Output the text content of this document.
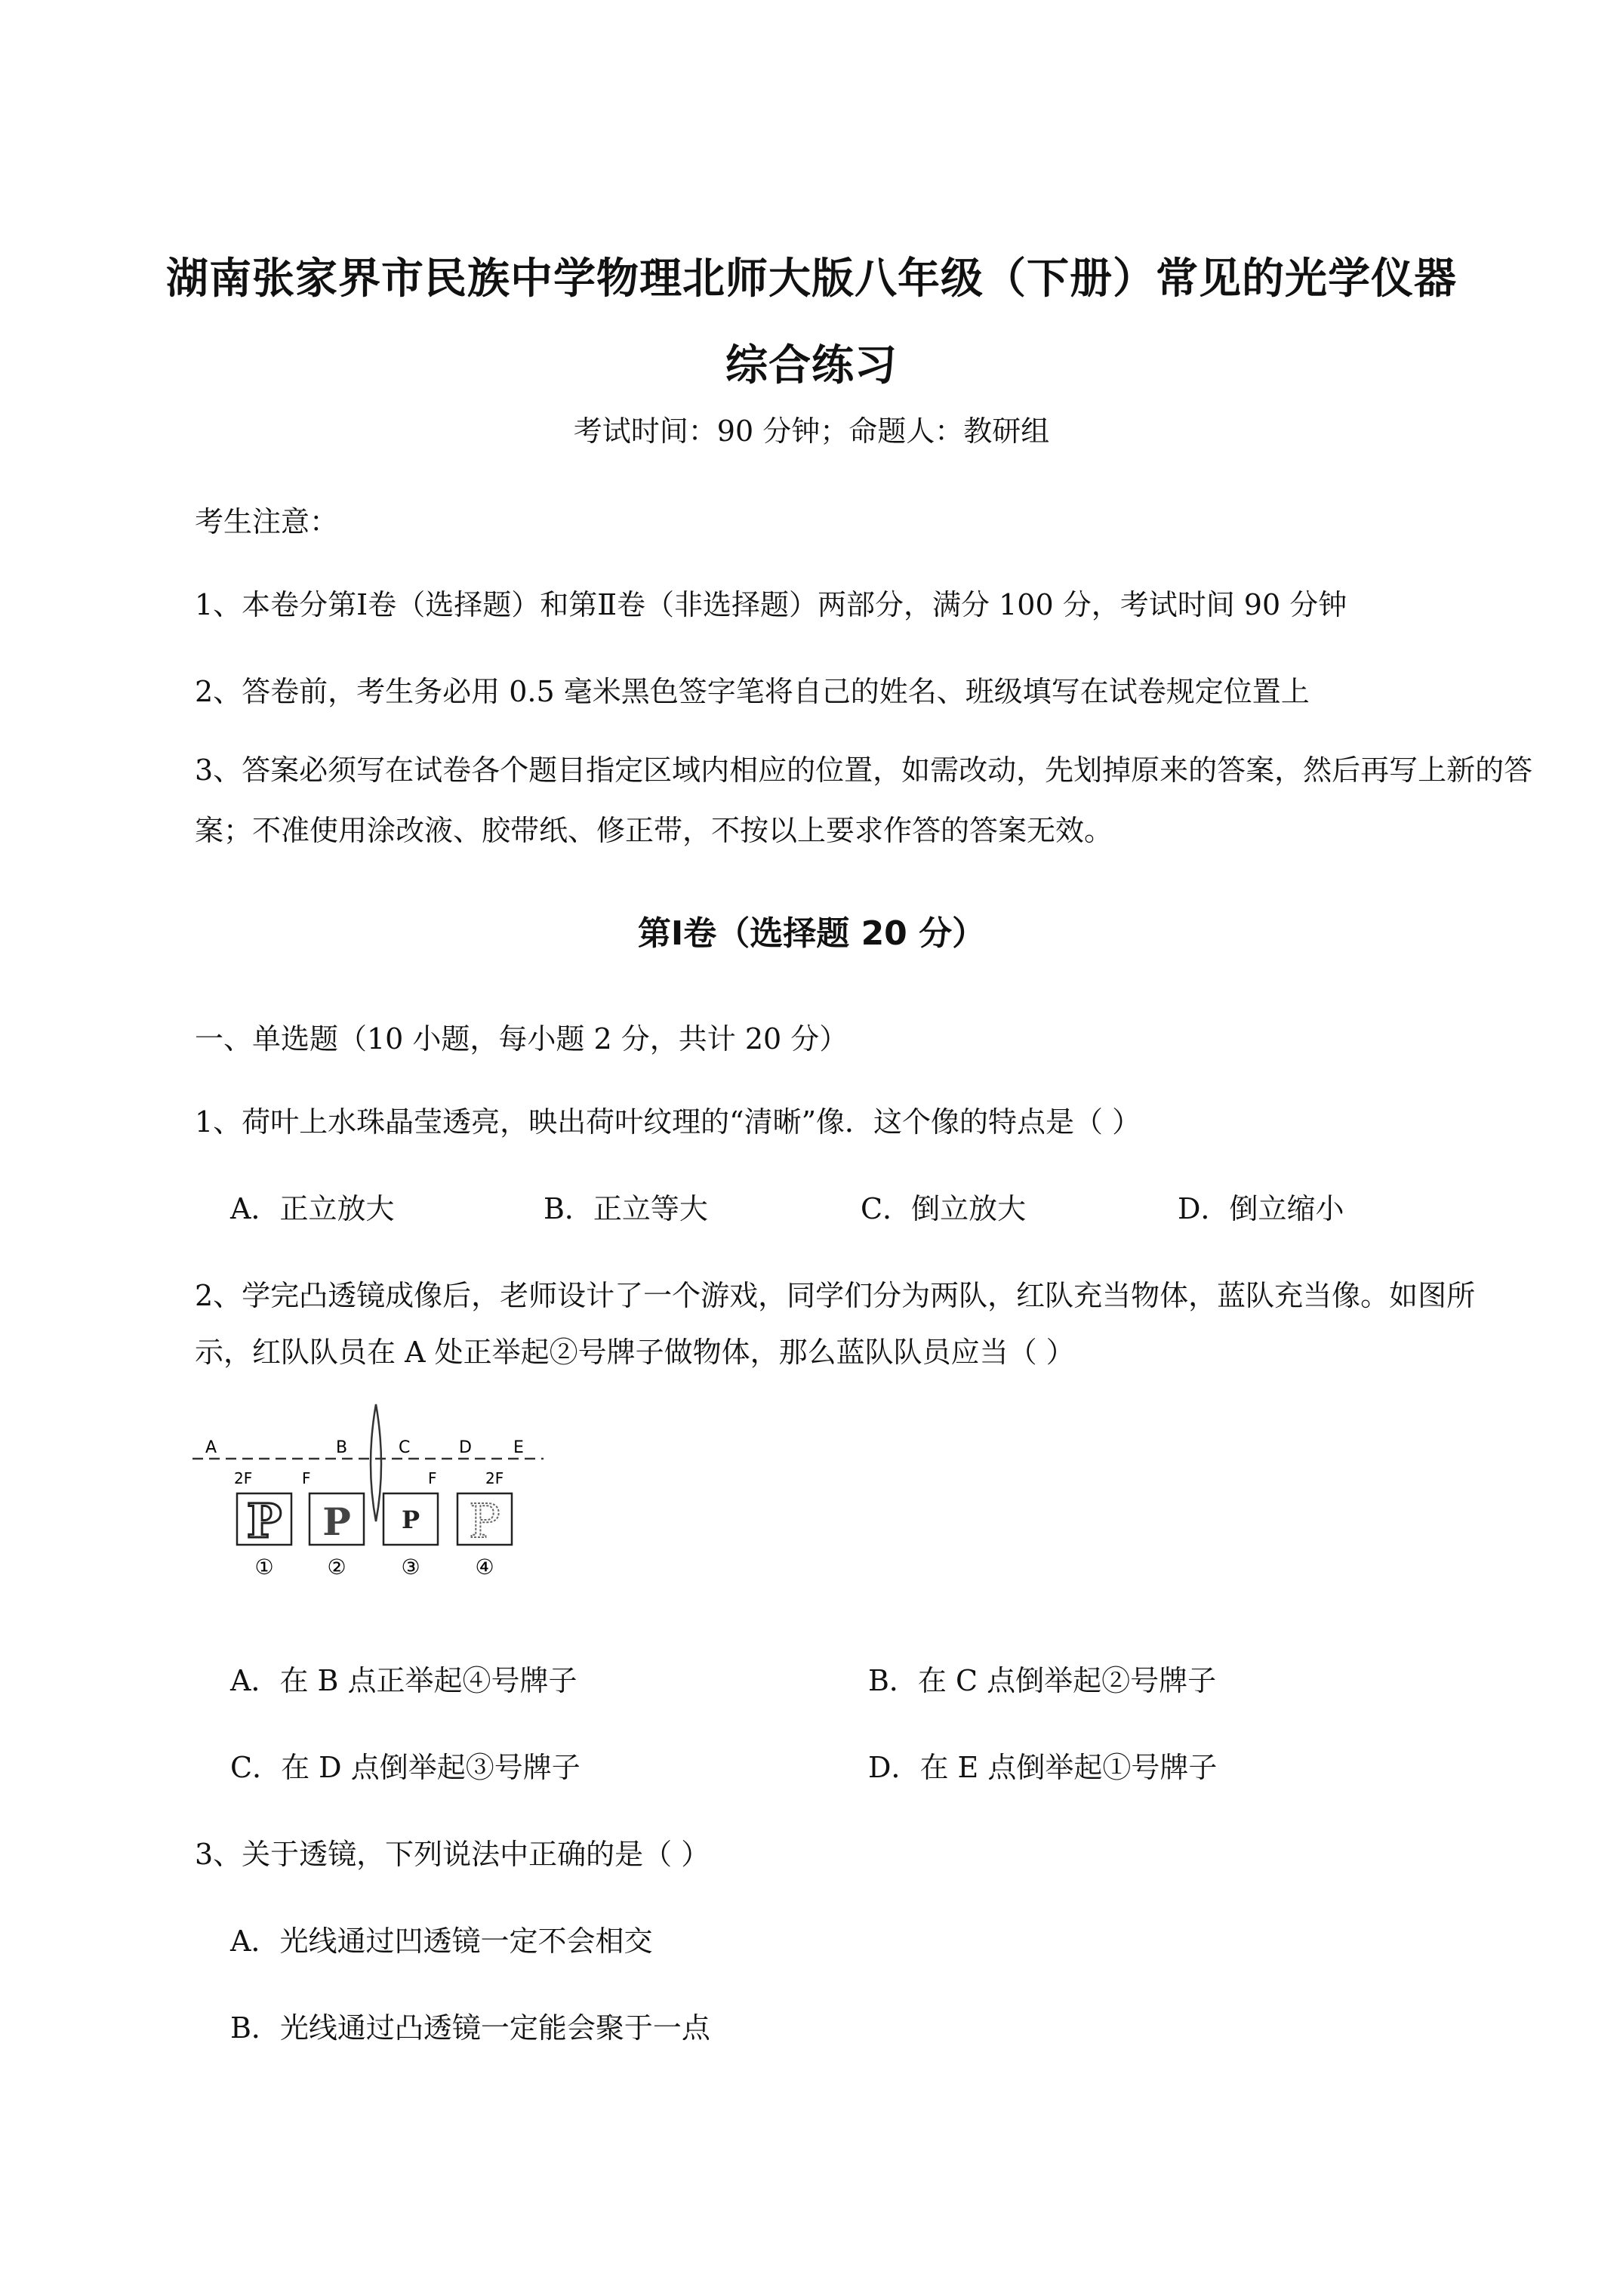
湖南张家界市民族中学物理北师大版八年级（下册）常见的光学仪器
综合练习
考试时间：90 分钟；命题人：教研组
考生注意：
1、本卷分第Ⅰ卷（选择题）和第Ⅱ卷（非选择题）两部分，满分 100 分，考试时间 90 分钟
2、答卷前，考生务必用 0.5 毫米黑色签字笔将自己的姓名、班级填写在试卷规定位置上
3、答案必须写在试卷各个题目指定区域内相应的位置，如需改动，先划掉原来的答案，然后再写上新的答案；不准使用涂改液、胶带纸、修正带，不按以上要求作答的答案无效。
第Ⅰ卷（选择题 20 分）
一、单选题（10 小题，每小题 2 分，共计 20 分）
1、荷叶上水珠晶莹透亮，映出荷叶纹理的“清晰”像．这个像的特点是（ ）
A．正立放大	B．正立等大	C．倒立放大	D．倒立缩小
2、学完凸透镜成像后，老师设计了一个游戏，同学们分为两队，红队充当物体，蓝队充当像。如图所
示，红队队员在 A 处正举起②号牌子做物体，那么蓝队队员应当（ ）
A	B	C	D	E
2F	F	F	2F
P P P P
①	②	③	④
A．在 B 点正举起④号牌子	B．在 C 点倒举起②号牌子
C．在 D 点倒举起③号牌子	D．在 E 点倒举起①号牌子
3、关于透镜，下列说法中正确的是（ ）
A．光线通过凹透镜一定不会相交
B．光线通过凸透镜一定能会聚于一点
